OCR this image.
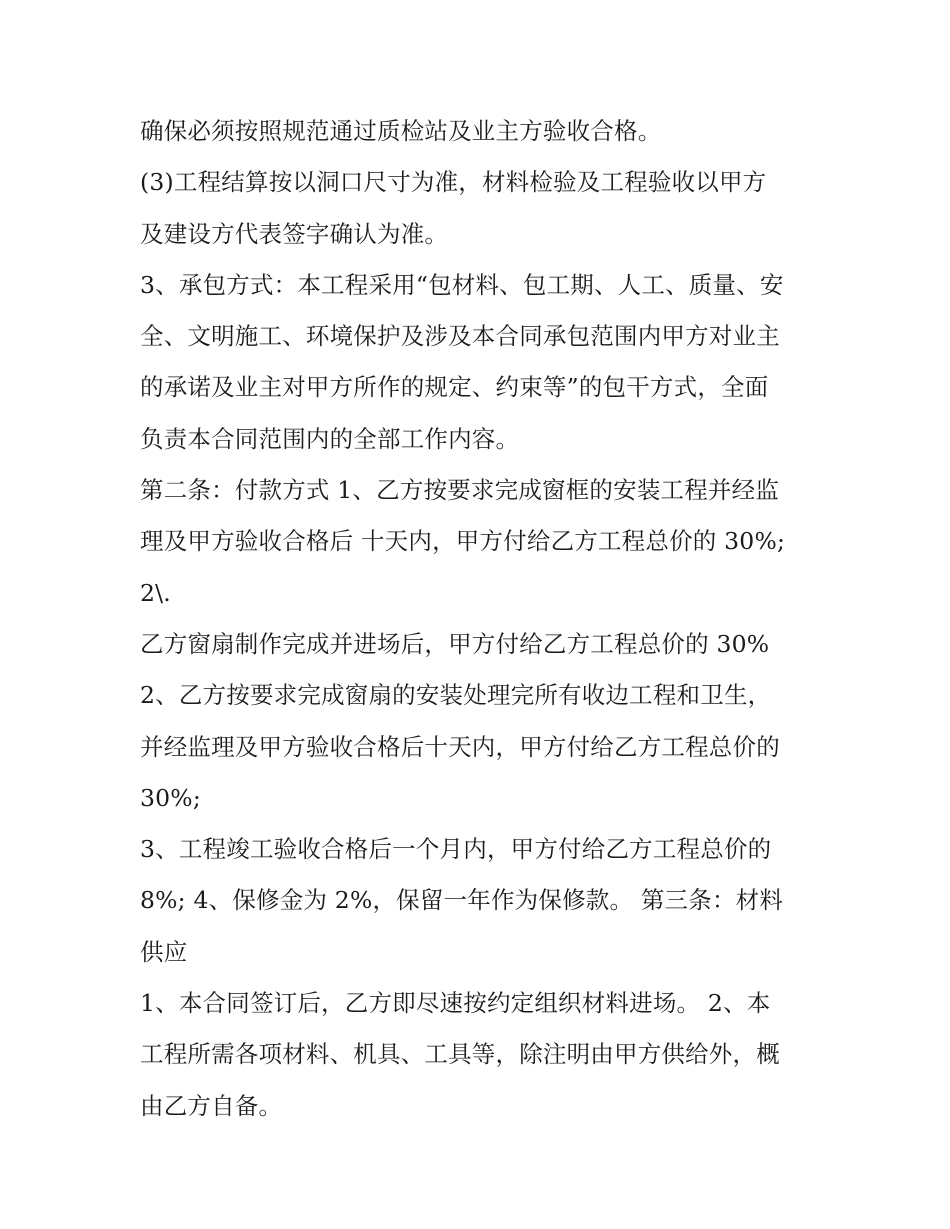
确保必须按照规范通过质检站及业主方验收合格。
(3)工程结算按以洞口尺寸为准，材料检验及工程验收以甲方
及建设方代表签字确认为准。
3、承包方式：本工程采用“包材料、包工期、人工、质量、安
全、文明施工、环境保护及涉及本合同承包范围内甲方对业主
的承诺及业主对甲方所作的规定、约束等”的包干方式，全面
负责本合同范围内的全部工作内容。
第二条：付款方式 1、乙方按要求完成窗框的安装工程并经监
理及甲方验收合格后 十天内，甲方付给乙方工程总价的 30%;
2\.
乙方窗扇制作完成并进场后，甲方付给乙方工程总价的 30%
2、乙方按要求完成窗扇的安装处理完所有收边工程和卫生，
并经监理及甲方验收合格后十天内，甲方付给乙方工程总价的
30%;
3、工程竣工验收合格后一个月内，甲方付给乙方工程总价的
8%; 4、保修金为 2%，保留一年作为保修款。 第三条：材料
供应
1、本合同签订后，乙方即尽速按约定组织材料进场。 2、本
工程所需各项材料、机具、工具等，除注明由甲方供给外，概
由乙方自备。
